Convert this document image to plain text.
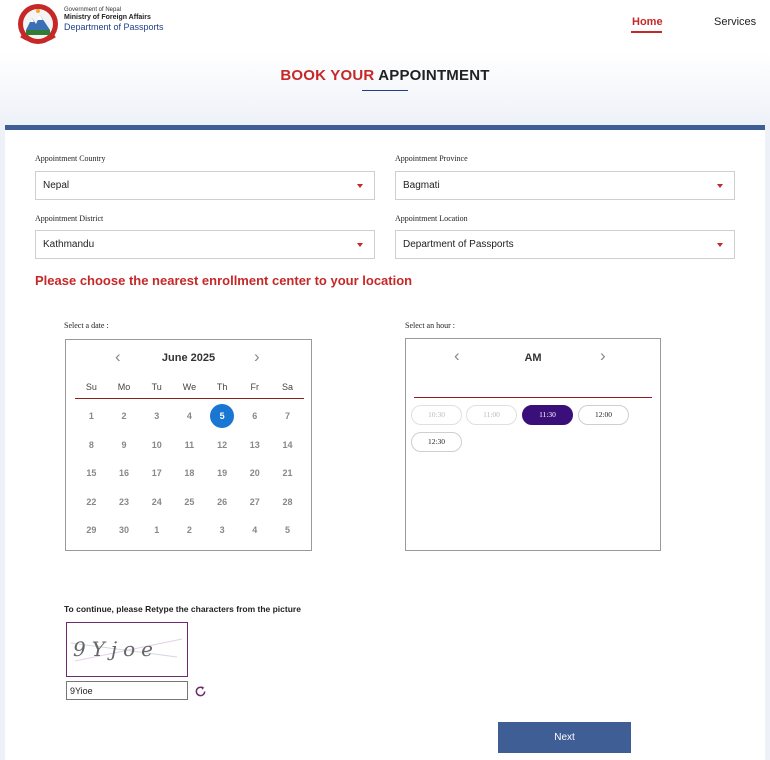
Government of Nepal
Ministry of Foreign Affairs
Department of Passports	Home	Services
BOOK YOUR APPOINTMENT
Appointment Country
Nepal
Appointment Province
Bagmati
Appointment District
Kathmandu
Appointment Location
Department of Passports
Please choose the nearest enrollment center to your location
Select a date :
‹	June 2025	›
Su	Mo	Tu	We	Th	Fr	Sa
1	2	3	4	5	6	7
8	9	10	11	12	13	14
15	16	17	18	19	20	21
22	23	24	25	26	27	28
29	30	1	2	3	4	5
Select an hour :
‹	AM	›
10:30	11:00	11:30	12:00
12:30
To continue, please Retype the characters from the picture
9Yjoe
9Yioe
Next
